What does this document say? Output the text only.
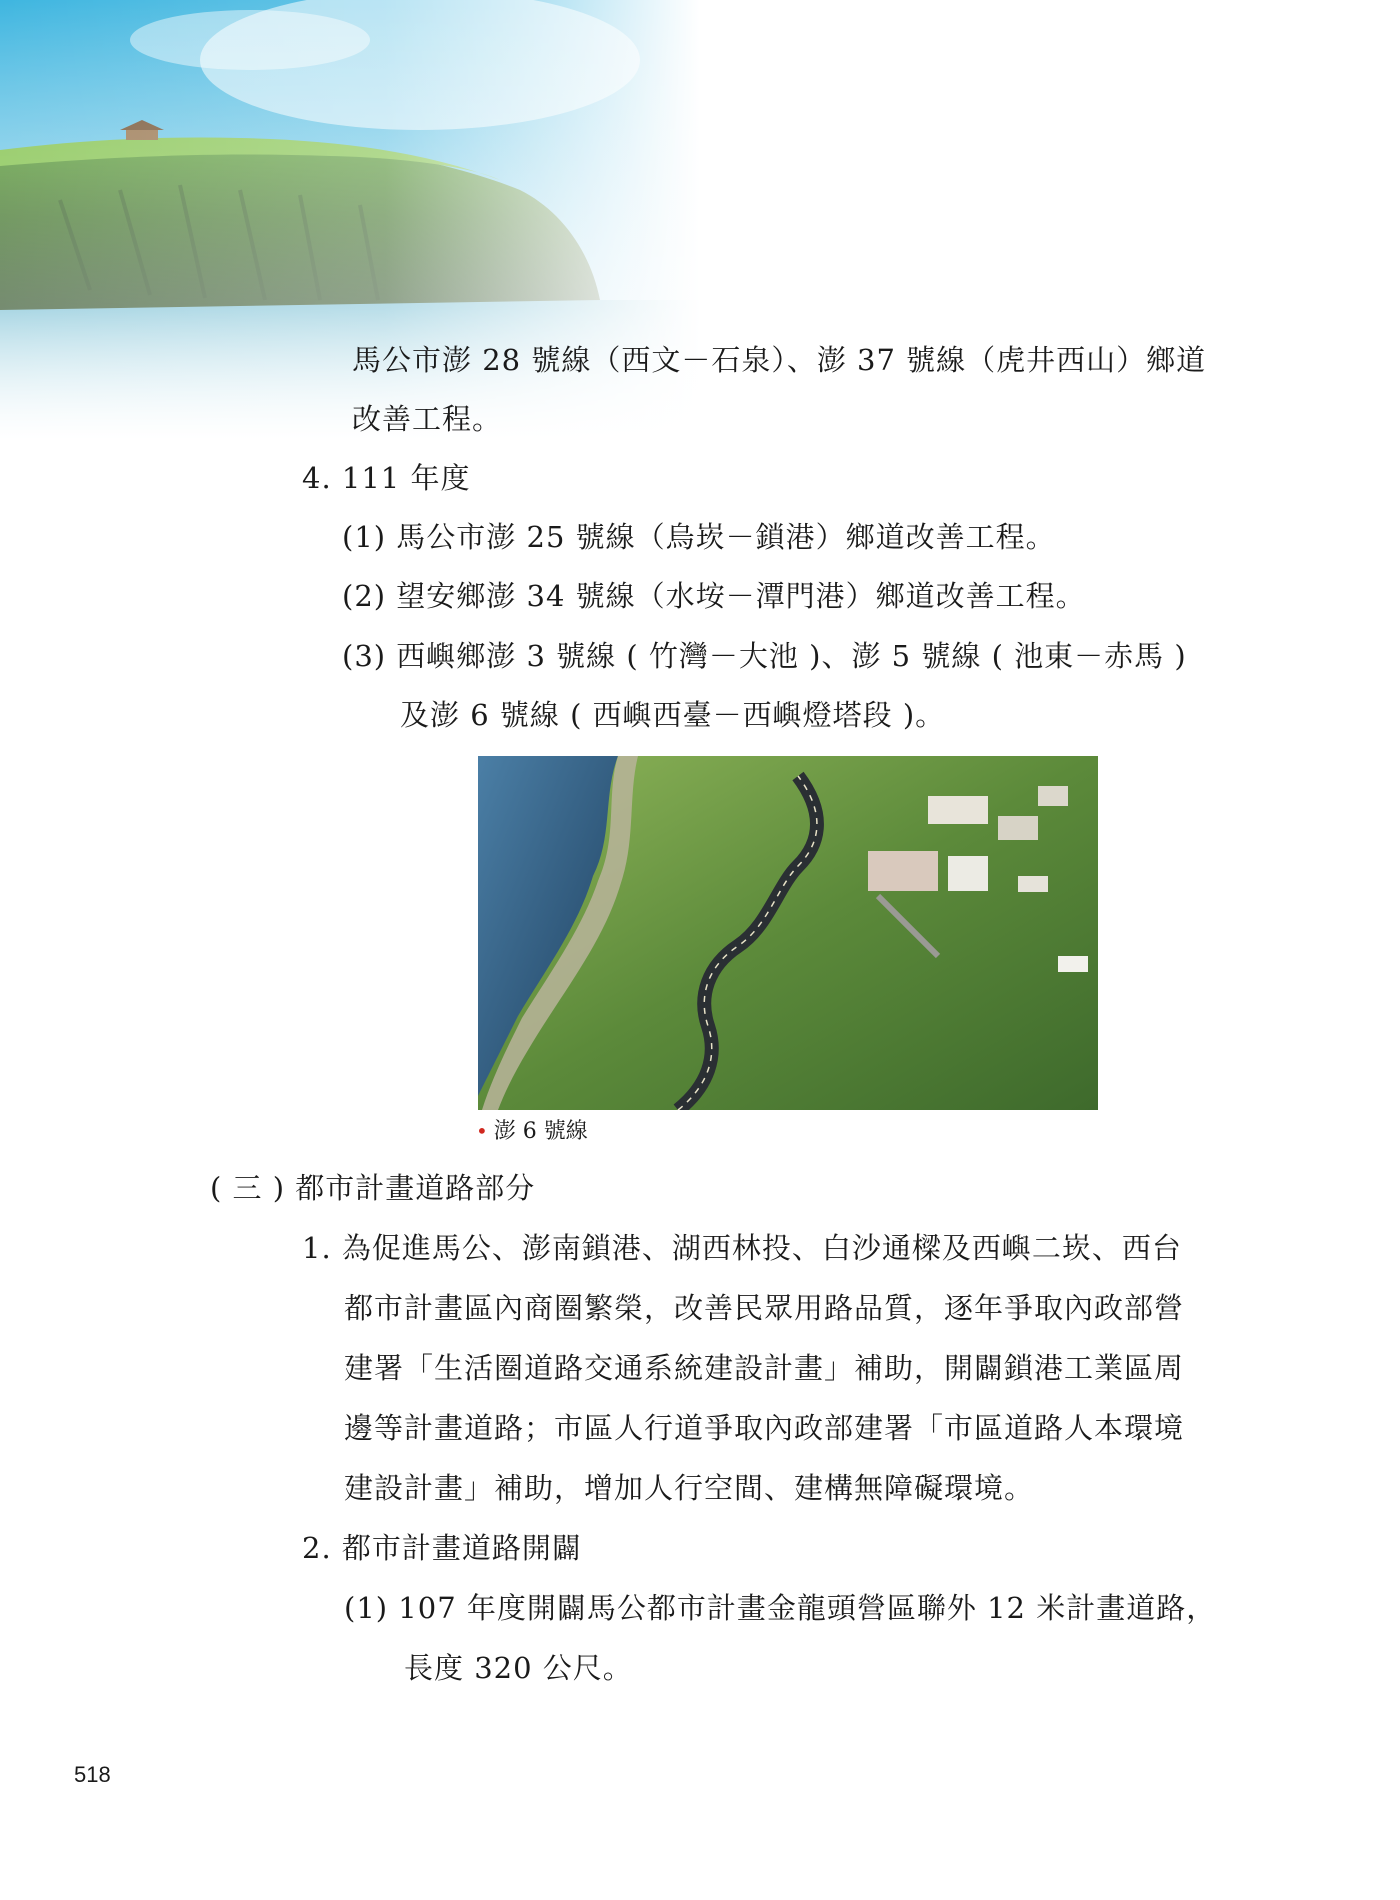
馬公市澎 28 號線（西文－石泉）、澎 37 號線（虎井西山）鄉道
改善工程。
4. 111 年度
(1) 馬公市澎 25 號線（烏崁－鎖港）鄉道改善工程。
(2) 望安鄉澎 34 號線（水垵－潭門港）鄉道改善工程。
(3) 西嶼鄉澎 3 號線 ( 竹灣－大池 )、澎 5 號線 ( 池東－赤馬 )
及澎 6 號線 ( 西嶼西臺－西嶼燈塔段 )。
• 澎 6 號線
( 三 ) 都市計畫道路部分
1. 為促進馬公、澎南鎖港、湖西林投、白沙通樑及西嶼二崁、西台
都市計畫區內商圈繁榮，改善民眾用路品質，逐年爭取內政部營
建署「生活圈道路交通系統建設計畫」補助，開闢鎖港工業區周
邊等計畫道路；市區人行道爭取內政部建署「市區道路人本環境
建設計畫」補助，增加人行空間、建構無障礙環境。
2. 都市計畫道路開闢
(1) 107 年度開闢馬公都市計畫金龍頭營區聯外 12 米計畫道路，
長度 320 公尺。
518
